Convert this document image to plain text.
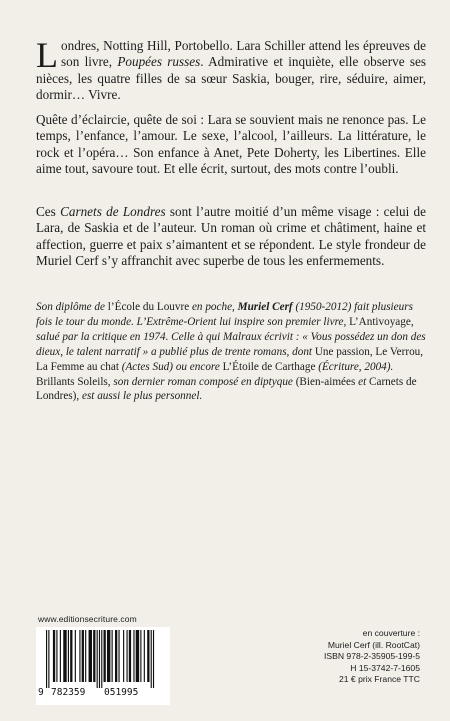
Londres, Notting Hill, Portobello. Lara Schiller attend les épreuves de son livre, Poupées russes. Admirative et inquiète, elle observe ses nièces, les quatre filles de sa sœur Saskia, bouger, rire, séduire, aimer, dormir… Vivre.

Quête d’éclaircie, quête de soi : Lara se souvient mais ne renonce pas. Le temps, l’enfance, l’amour. Le sexe, l’alcool, l’ailleurs. La littérature, le rock et l’opéra… Son enfance à Anet, Pete Doherty, les Libertines. Elle aime tout, savoure tout. Et elle écrit, surtout, des mots contre l’oubli.

Ces Carnets de Londres sont l’autre moitié d’un même visage : celui de Lara, de Saskia et de l’auteur. Un roman où crime et châtiment, haine et affection, guerre et paix s’aimantent et se répondent. Le style frondeur de Muriel Cerf s’y affranchit avec superbe de tous les enfermements.

Son diplôme de l’École du Louvre en poche, Muriel Cerf (1950-2012) fait plusieurs fois le tour du monde. L’Extrême-Orient lui inspire son premier livre, L’Antivoyage, salué par la critique en 1974. Celle à qui Malraux écrivit : « Vous possédez un don des dieux, le talent narratif » a publié plus de trente romans, dont Une passion, Le Verrou, La Femme au chat (Actes Sud) ou encore L’Étoile de Carthage (Écriture, 2004). Brillants Soleils, son dernier roman composé en diptyque (Bien-aimées et Carnets de Londres), est aussi le plus personnel.

www.editionsecriture.com
9 782359 051995
en couverture :
Muriel Cerf (ill. RootCat)
ISBN 978-2-35905-199-5
H 15-3742-7-1605
21 € prix France TTC
